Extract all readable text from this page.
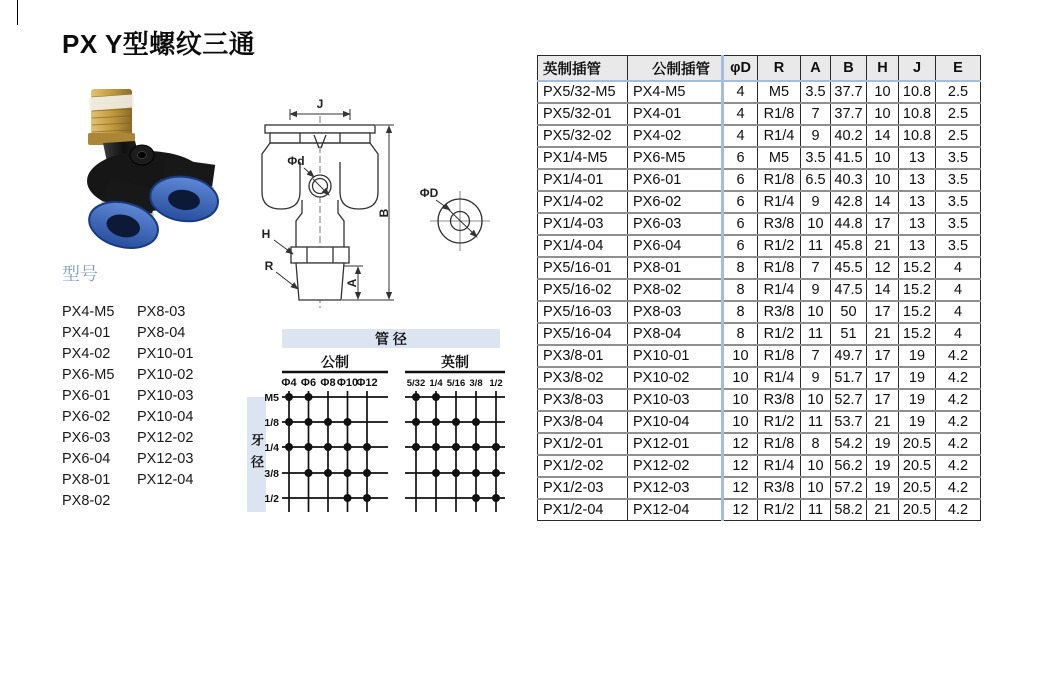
PX Y型螺纹三通
J
Φd
B
H
R
A
ΦD
型号
PX4-M5
PX4-01
PX4-02
PX6-M5
PX6-01
PX6-02
PX6-03
PX6-04
PX8-01
PX8-02
PX8-03
PX8-04
PX10-01
PX10-02
PX10-03
PX10-04
PX12-02
PX12-03
PX12-04
管 径
牙径
公制
Φ4 Φ6 Φ8 Φ10
Φ12
英制
5/32 1/4 5/16 3/8 1/2
M5
1/8
1/4
3/8
1/2
英制插管	公制插管	φD	R	A	B	H	J	E
PX5/32-M5	PX4-M5	4	M5	3.5	37.7	10	10.8	2.5
PX5/32-01	PX4-01	4	R1/8	7	37.7	10	10.8	2.5
PX5/32-02	PX4-02	4	R1/4	9	40.2	14	10.8	2.5
PX1/4-M5	PX6-M5	6	M5	3.5	41.5	10	13	3.5
PX1/4-01	PX6-01	6	R1/8	6.5	40.3	10	13	3.5
PX1/4-02	PX6-02	6	R1/4	9	42.8	14	13	3.5
PX1/4-03	PX6-03	6	R3/8	10	44.8	17	13	3.5
PX1/4-04	PX6-04	6	R1/2	11	45.8	21	13	3.5
PX5/16-01	PX8-01	8	R1/8	7	45.5	12	15.2	4
PX5/16-02	PX8-02	8	R1/4	9	47.5	14	15.2	4
PX5/16-03	PX8-03	8	R3/8	10	50	17	15.2	4
PX5/16-04	PX8-04	8	R1/2	11	51	21	15.2	4
PX3/8-01	PX10-01	10	R1/8	7	49.7	17	19	4.2
PX3/8-02	PX10-02	10	R1/4	9	51.7	17	19	4.2
PX3/8-03	PX10-03	10	R3/8	10	52.7	17	19	4.2
PX3/8-04	PX10-04	10	R1/2	11	53.7	21	19	4.2
PX1/2-01	PX12-01	12	R1/8	8	54.2	19	20.5	4.2
PX1/2-02	PX12-02	12	R1/4	10	56.2	19	20.5	4.2
PX1/2-03	PX12-03	12	R3/8	10	57.2	19	20.5	4.2
PX1/2-04	PX12-04	12	R1/2	11	58.2	21	20.5	4.2
